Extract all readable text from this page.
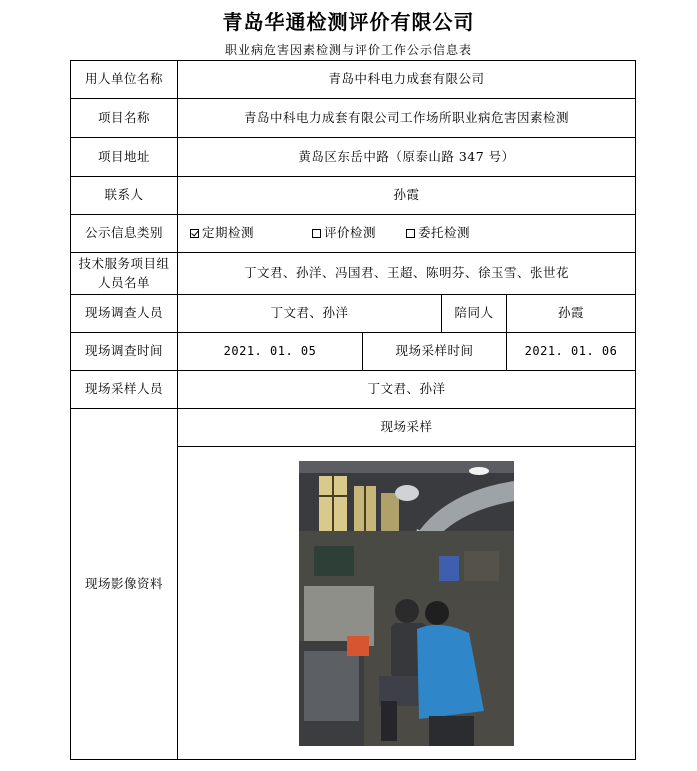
青岛华通检测评价有限公司
职业病危害因素检测与评价工作公示信息表
用人单位名称	青岛中科电力成套有限公司			
项目名称	青岛中科电力成套有限公司工作场所职业病危害因素检测			
项目地址	黄岛区东岳中路（原泰山路 347 号）			
联系人	孙霞			
公示信息类别	定期检测 评价检测 委托检测			

技术服务项目组人员名单	丁文君、孙洋、冯国君、王超、陈明芬、徐玉雪、张世花			
现场调查人员	丁文君、孙洋		陪同人	孙霞
现场调查时间	2021. 01. 05	现场采样时间		2021. 01. 06
现场采样人员	丁文君、孙洋			
现场影像资料	现场采样			
